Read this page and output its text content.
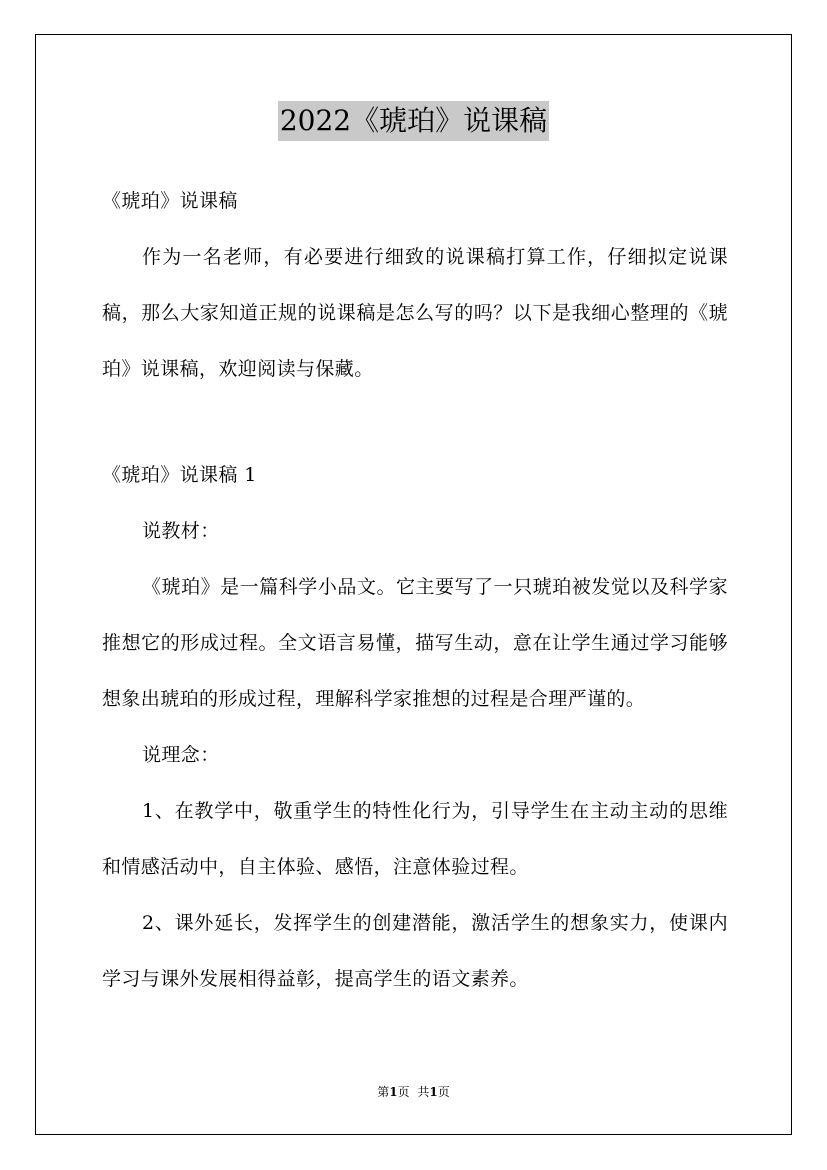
2022《琥珀》说课稿

《琥珀》说课稿

作为一名老师，有必要进行细致的说课稿打算工作，仔细拟定说课稿，那么大家知道正规的说课稿是怎么写的吗？以下是我细心整理的《琥珀》说课稿，欢迎阅读与保藏。

《琥珀》说课稿 1

说教材：

《琥珀》是一篇科学小品文。它主要写了一只琥珀被发觉以及科学家推想它的形成过程。全文语言易懂，描写生动，意在让学生通过学习能够想象出琥珀的形成过程，理解科学家推想的过程是合理严谨的。

说理念：

1、在教学中，敬重学生的特性化行为，引导学生在主动主动的思维和情感活动中，自主体验、感悟，注意体验过程。

2、课外延长，发挥学生的创建潜能，激活学生的想象实力，使课内学习与课外发展相得益彰，提高学生的语文素养。

第1页 共1页
